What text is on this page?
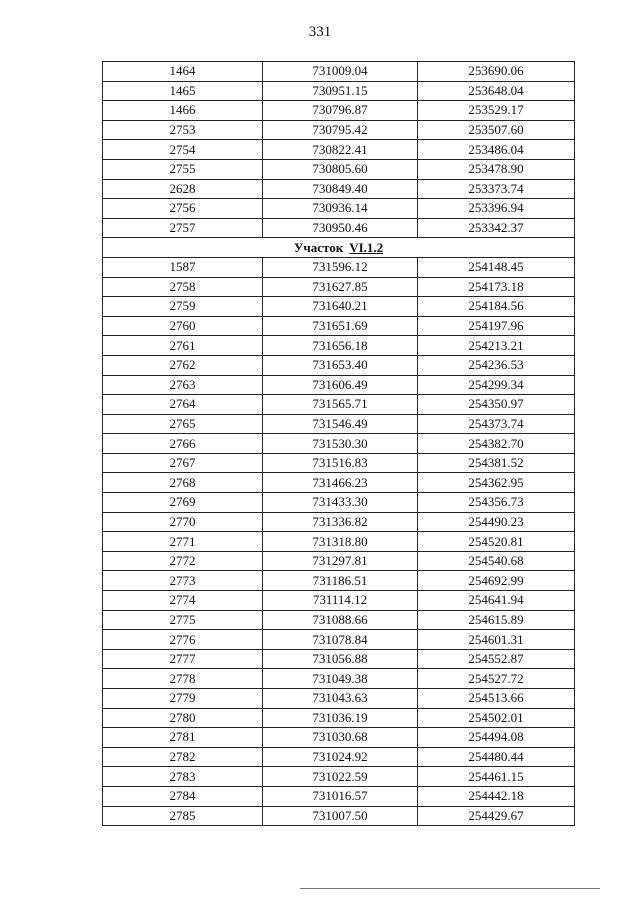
331
1464	731009.04	253690.06
1465	730951.15	253648.04
1466	730796.87	253529.17
2753	730795.42	253507.60
2754	730822.41	253486.04
2755	730805.60	253478.90
2628	730849.40	253373.74
2756	730936.14	253396.94
2757	730950.46	253342.37
Участок VI.1.2		
1587	731596.12	254148.45
2758	731627.85	254173.18
2759	731640.21	254184.56
2760	731651.69	254197.96
2761	731656.18	254213.21
2762	731653.40	254236.53
2763	731606.49	254299.34
2764	731565.71	254350.97
2765	731546.49	254373.74
2766	731530.30	254382.70
2767	731516.83	254381.52
2768	731466.23	254362.95
2769	731433.30	254356.73
2770	731336.82	254490.23
2771	731318.80	254520.81
2772	731297.81	254540.68
2773	731186.51	254692.99
2774	731114.12	254641.94
2775	731088.66	254615.89
2776	731078.84	254601.31
2777	731056.88	254552.87
2778	731049.38	254527.72
2779	731043.63	254513.66
2780	731036.19	254502.01
2781	731030.68	254494.08
2782	731024.92	254480.44
2783	731022.59	254461.15
2784	731016.57	254442.18
2785	731007.50	254429.67
